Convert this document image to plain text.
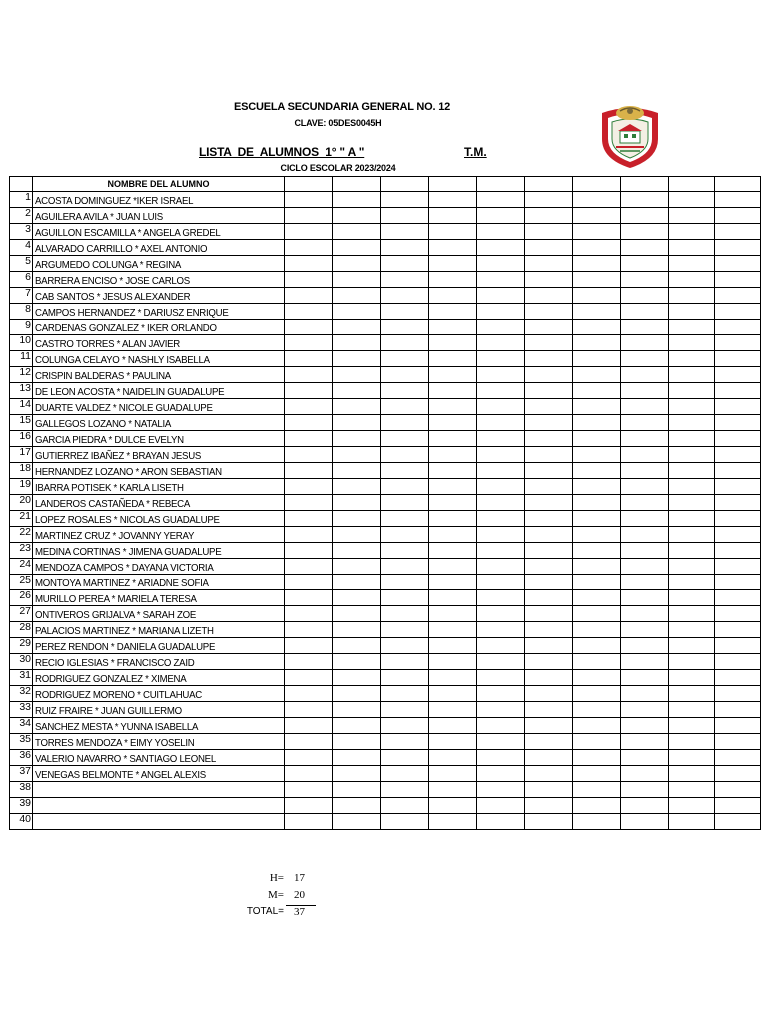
ESCUELA SECUNDARIA GENERAL NO. 12
CLAVE: 05DES0045H
LISTA  DE  ALUMNOS  1° " A "	T.M.
CICLO ESCOLAR 2023/2024
	NOMBRE DEL ALUMNO										
1	ACOSTA DOMINGUEZ *IKER ISRAEL										
2	AGUILERA AVILA * JUAN LUIS										
3	AGUILLON ESCAMILLA * ANGELA GREDEL										
4	ALVARADO CARRILLO * AXEL ANTONIO										
5	ARGUMEDO COLUNGA * REGINA										
6	BARRERA ENCISO * JOSE CARLOS										
7	CAB SANTOS * JESUS ALEXANDER										
8	CAMPOS HERNANDEZ * DARIUSZ ENRIQUE										
9	CARDENAS GONZALEZ * IKER ORLANDO										
10	CASTRO TORRES * ALAN JAVIER										
11	COLUNGA CELAYO * NASHLY ISABELLA										
12	CRISPIN BALDERAS * PAULINA										
13	DE LEON ACOSTA * NAIDELIN GUADALUPE										
14	DUARTE VALDEZ * NICOLE GUADALUPE										
15	GALLEGOS LOZANO * NATALIA										
16	GARCIA PIEDRA * DULCE EVELYN										
17	GUTIERREZ IBAÑEZ * BRAYAN JESUS										
18	HERNANDEZ LOZANO * ARON SEBASTIAN										
19	IBARRA POTISEK * KARLA LISETH										
20	LANDEROS CASTAÑEDA * REBECA										
21	LOPEZ ROSALES * NICOLAS GUADALUPE										
22	MARTINEZ CRUZ * JOVANNY YERAY										
23	MEDINA CORTINAS * JIMENA GUADALUPE										
24	MENDOZA CAMPOS * DAYANA VICTORIA										
25	MONTOYA MARTINEZ * ARIADNE SOFIA										
26	MURILLO PEREA * MARIELA TERESA										
27	ONTIVEROS GRIJALVA * SARAH ZOE										
28	PALACIOS MARTINEZ * MARIANA LIZETH										
29	PEREZ RENDON * DANIELA GUADALUPE										
30	RECIO IGLESIAS * FRANCISCO ZAID										
31	RODRIGUEZ GONZALEZ * XIMENA										
32	RODRIGUEZ MORENO * CUITLAHUAC										
33	RUIZ FRAIRE * JUAN GUILLERMO										
34	SANCHEZ MESTA * YUNNA ISABELLA										
35	TORRES MENDOZA * EIMY YOSELIN										
36	VALERIO NAVARRO * SANTIAGO LEONEL										
37	VENEGAS BELMONTE * ANGEL ALEXIS										
38											
39											
40											
H= 17
M= 20
TOTAL= 37
